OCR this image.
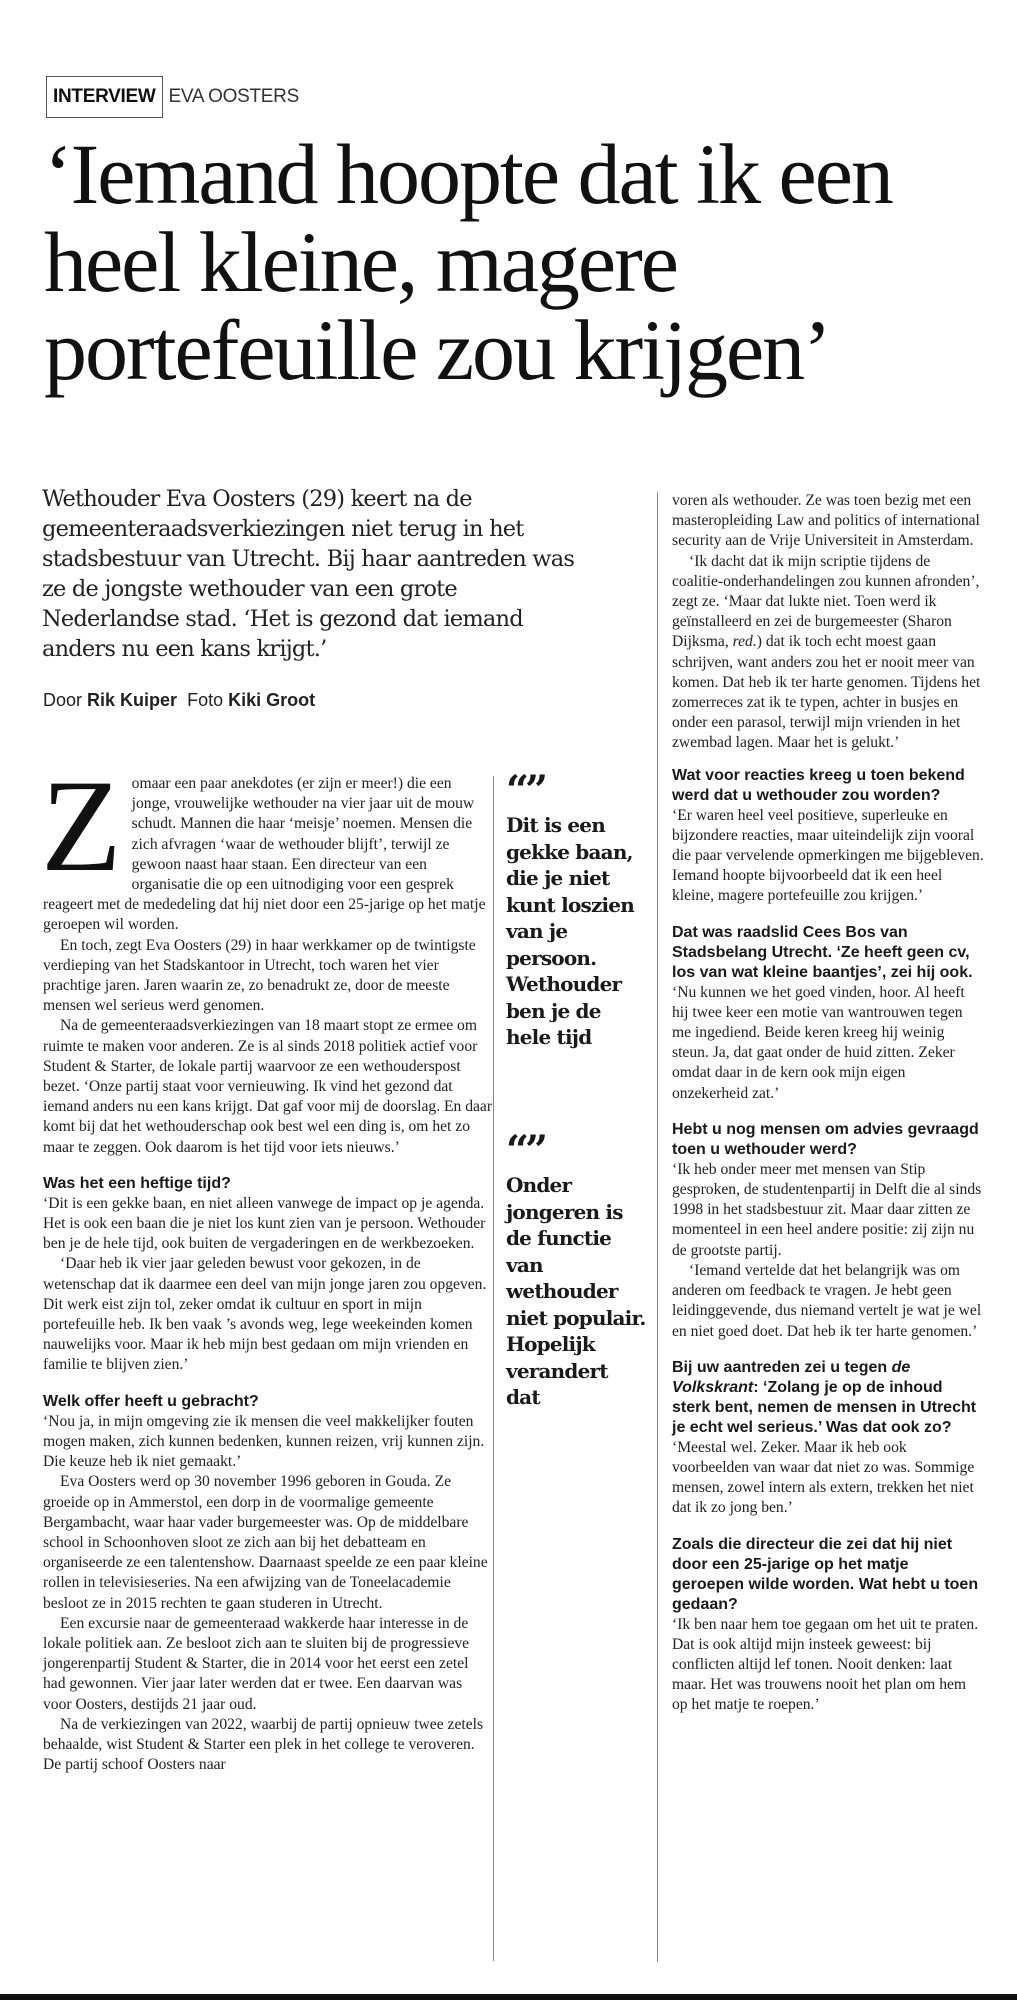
INTERVIEW EVA OOSTERS
‘Iemand hoopte dat ik een heel kleine, magere portefeuille zou krijgen’

Wethouder Eva Oosters (29) keert na de gemeenteraadsverkiezingen niet terug in het stadsbestuur van Utrecht. Bij haar aantreden was ze de jongste wethouder van een grote Nederlandse stad. ‘Het is gezond dat iemand anders nu een kans krijgt.’

Door Rik Kuiper Foto Kiki Groot
Z omaar een paar anekdotes (er zijn er meer!) die een jonge, vrouwelijke wethouder na vier jaar uit de mouw schudt. Mannen die haar ‘meisje’ noemen. Mensen die zich afvragen ‘waar de wethouder blijft’, terwijl ze gewoon naast haar staan. Een directeur van een organisatie die op een uitnodiging voor een gesprek reageert met de mededeling dat hij niet door een 25-jarige op het matje geroepen wil worden.

En toch, zegt Eva Oosters (29) in haar werkkamer op de twintigste verdieping van het Stadskantoor in Utrecht, toch waren het vier prachtige jaren. Jaren waarin ze, zo benadrukt ze, door de meeste mensen wel serieus werd genomen.

Na de gemeenteraadsverkiezingen van 18 maart stopt ze ermee om ruimte te maken voor anderen. Ze is al sinds 2018 politiek actief voor Student & Starter, de lokale partij waarvoor ze een wethouderspost bezet. ‘Onze partij staat voor vernieuwing. Ik vind het gezond dat iemand anders nu een kans krijgt. Dat gaf voor mij de doorslag. En daar komt bij dat het wethouderschap ook best wel een ding is, om het zo maar te zeggen. Ook daarom is het tijd voor iets nieuws.’

Was het een heftige tijd?

‘Dit is een gekke baan, en niet alleen vanwege de impact op je agenda. Het is ook een baan die je niet los kunt zien van je persoon. Wethouder ben je de hele tijd, ook buiten de vergaderingen en de werkbezoeken.

‘Daar heb ik vier jaar geleden bewust voor gekozen, in de wetenschap dat ik daarmee een deel van mijn jonge jaren zou opgeven. Dit werk eist zijn tol, zeker omdat ik cultuur en sport in mijn portefeuille heb. Ik ben vaak ’s avonds weg, lege weekeinden komen nauwelijks voor. Maar ik heb mijn best gedaan om mijn vrienden en familie te blijven zien.’

Welk offer heeft u gebracht?

‘Nou ja, in mijn omgeving zie ik mensen die veel makkelijker fouten mogen maken, zich kunnen bedenken, kunnen reizen, vrij kunnen zijn. Die keuze heb ik niet gemaakt.’

Eva Oosters werd op 30 november 1996 geboren in Gouda. Ze groeide op in Ammerstol, een dorp in de voormalige gemeente Bergambacht, waar haar vader burgemeester was. Op de middelbare school in Schoonhoven sloot ze zich aan bij het debatteam en organiseerde ze een talentenshow. Daarnaast speelde ze een paar kleine rollen in televisieseries. Na een afwijzing van de Toneelacademie besloot ze in 2015 rechten te gaan studeren in Utrecht.

Een excursie naar de gemeenteraad wakkerde haar interesse in de lokale politiek aan. Ze besloot zich aan te sluiten bij de progressieve jongerenpartij Student & Starter, die in 2014 voor het eerst een zetel had gewonnen. Vier jaar later werden dat er twee. Een daarvan was voor Oosters, destijds 21 jaar oud.

Na de verkiezingen van 2022, waarbij de partij opnieuw twee zetels behaalde, wist Student & Starter een plek in het college te veroveren. De partij schoof Oosters naar

“”
Dit is een gekke baan, die je niet kunt loszien van je persoon. Wethouder ben je de hele tijd
“”
Onder jongeren is de functie van wethouder niet populair. Hopelijk verandert dat

voren als wethouder. Ze was toen bezig met een masteropleiding Law and politics of international security aan de Vrije Universiteit in Amsterdam.

‘Ik dacht dat ik mijn scriptie tijdens de coalitie-onderhandelingen zou kunnen afronden’, zegt ze. ‘Maar dat lukte niet. Toen werd ik geïnstalleerd en zei de burgemeester (Sharon Dijksma, red.) dat ik toch echt moest gaan schrijven, want anders zou het er nooit meer van komen. Dat heb ik ter harte genomen. Tijdens het zomerreces zat ik te typen, achter in busjes en onder een parasol, terwijl mijn vrienden in het zwembad lagen. Maar het is gelukt.’

Wat voor reacties kreeg u toen bekend werd dat u wethouder zou worden?

‘Er waren heel veel positieve, superleuke en bijzondere reacties, maar uiteindelijk zijn vooral die paar vervelende opmerkingen me bijgebleven. Iemand hoopte bijvoorbeeld dat ik een heel kleine, magere portefeuille zou krijgen.’

Dat was raadslid Cees Bos van Stadsbelang Utrecht. ‘Ze heeft geen cv, los van wat kleine baantjes’, zei hij ook.

‘Nu kunnen we het goed vinden, hoor. Al heeft hij twee keer een motie van wantrouwen tegen me ingediend. Beide keren kreeg hij weinig steun. Ja, dat gaat onder de huid zitten. Zeker omdat daar in de kern ook mijn eigen onzekerheid zat.’

Hebt u nog mensen om advies gevraagd toen u wethouder werd?

‘Ik heb onder meer met mensen van Stip gesproken, de studentenpartij in Delft die al sinds 1998 in het stadsbestuur zit. Maar daar zitten ze momenteel in een heel andere positie: zij zijn nu de grootste partij.

‘Iemand vertelde dat het belangrijk was om anderen om feedback te vragen. Je hebt geen leidinggevende, dus niemand vertelt je wat je wel en niet goed doet. Dat heb ik ter harte genomen.’

Bij uw aantreden zei u tegen de Volkskrant: ‘Zolang je op de inhoud sterk bent, nemen de mensen in Utrecht je echt wel serieus.’ Was dat ook zo?

‘Meestal wel. Zeker. Maar ik heb ook voorbeelden van waar dat niet zo was. Sommige mensen, zowel intern als extern, trekken het niet dat ik zo jong ben.’

Zoals die directeur die zei dat hij niet door een 25-jarige op het matje geroepen wilde worden. Wat hebt u toen gedaan?

‘Ik ben naar hem toe gegaan om het uit te praten. Dat is ook altijd mijn insteek geweest: bij conflicten altijd lef tonen. Nooit denken: laat maar. Het was trouwens nooit het plan om hem op het matje te roepen.’
